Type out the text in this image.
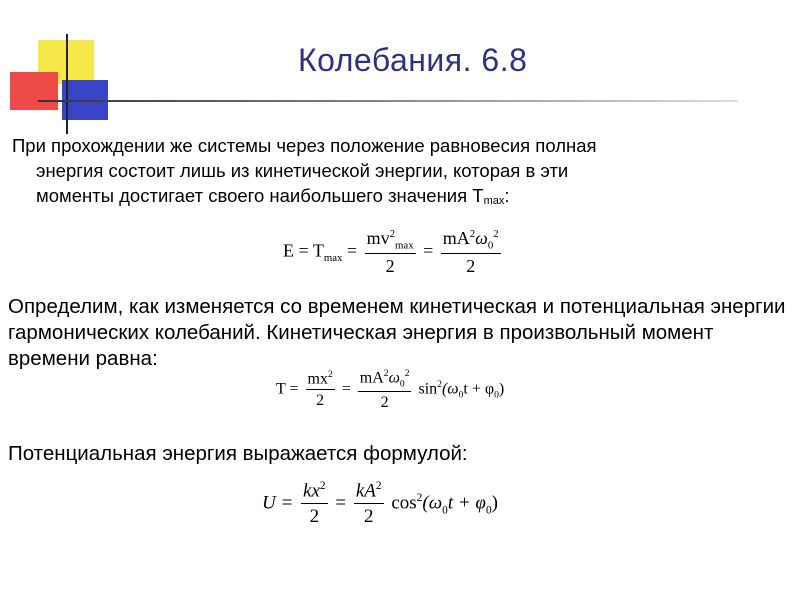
Колебания. 6.8

При прохождении же системы через положение равновесия полная
энергия состоит лишь из кинетической энергии, которая в эти
моменты достигает своего наибольшего значения $T_{max}$:

$E = T_{max} = \frac{mv^2_{max}}{2} = \frac{mA^2\omega_0^2}{2}$

Определим, как изменяется со временем кинетическая и потенциальная энергии гармонических колебаний. Кинетическая энергия в произвольный момент времени равна:

$T = \frac{mx^2}{2} = \frac{mA^2\omega_0^2}{2} \sin^2(\omega_0t + \varphi_0)$

Потенциальная энергия выражается формулой:

$U = \frac{kx^2}{2} = \frac{kA^2}{2} \cos^2(\omega_0t + \varphi_0)$
